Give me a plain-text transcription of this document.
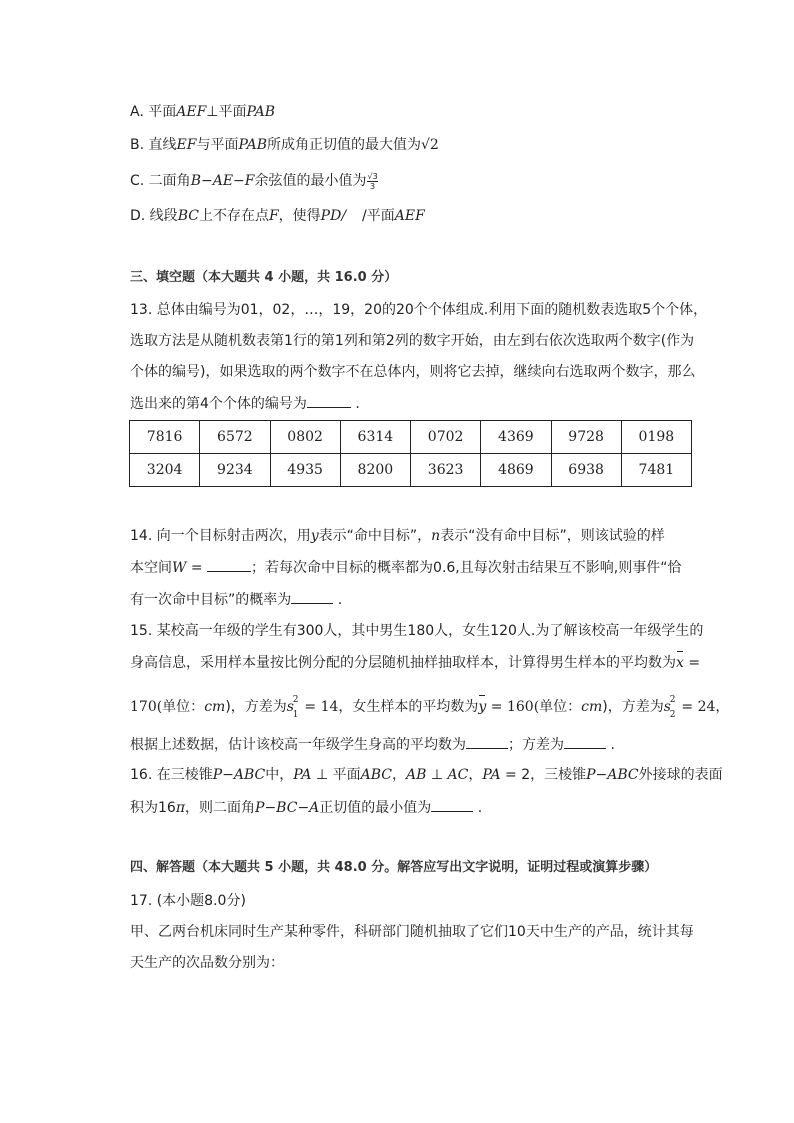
A. 平面AEF⊥平面PAB
B. 直线EF与平面PAB所成角正切值的最大值为√2
C. 二面角B−AE−F余弦值的最小值为 $\frac{√3}{3}$
D. 线段BC上不存在点F，使得PD/ /平面AEF
三、填空题（本大题共 4 小题，共 16.0 分）
13. 总体由编号为01，02，…，19，20的20个个体组成.利用下面的随机数表选取5个个体，
选取方法是从随机数表第1行的第1列和第2列的数字开始，由左到右依次选取两个数字(作为
个体的编号)，如果选取的两个数字不在总体内，则将它去掉，继续向右选取两个数字，那么
选出来的第4个个体的编号为	.
7816	6572	0802	6314	0702	4369	9728	0198
3204	9234	4935	8200	3623	4869	6938	7481
14. 向一个目标射击两次，用y表示“命中目标”，n表示“没有命中目标”，则该试验的样
本空间W =	；若每次命中目标的概率都为0.6,且每次射击结果互不影响,则事件“恰
有一次命中目标”的概率为	.
15. 某校高一年级的学生有300人，其中男生180人，女生120人.为了解该校高一年级学生的
身高信息，采用样本量按比例分配的分层随机抽样抽取样本，计算得男生样本的平均数为x =
170(单位：cm)，方差为s
2
1 = 14，女生样本的平均数为y = 160(单位：cm)，方差为s
2
2 = 24，
根据上述数据，估计该校高一年级学生身高的平均数为	；方差为	.
16. 在三棱锥P−ABC中，PA ⊥ 平面ABC，AB ⊥ AC，PA = 2，三棱锥P−ABC外接球的表面
积为16π，则二面角P−BC−A正切值的最小值为	.
四、解答题（本大题共 5 小题，共 48.0 分。解答应写出文字说明，证明过程或演算步骤）
17. (本小题8.0分)
甲、乙两台机床同时生产某种零件，科研部门随机抽取了它们10天中生产的产品，统计其每
天生产的次品数分别为：
